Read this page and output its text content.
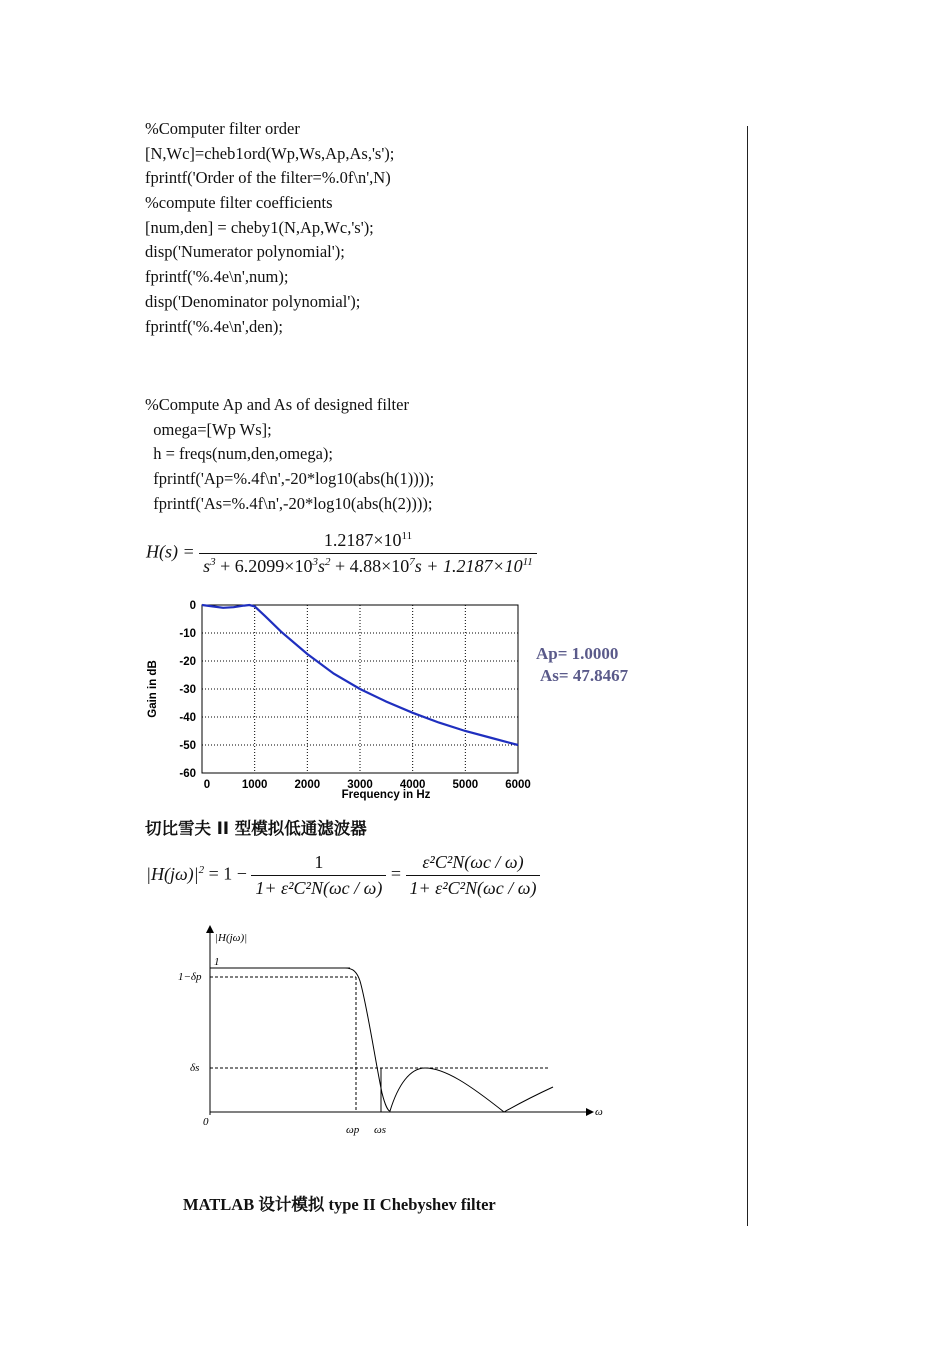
%Computer filter order
[N,Wc]=cheb1ord(Wp,Ws,Ap,As,'s');
fprintf('Order of the filter=%.0f\n',N)
%compute filter coefficients
[num,den] = cheby1(N,Ap,Wc,'s');
disp('Numerator polynomial');
fprintf('%.4e\n',num);
disp('Denominator polynomial');
fprintf('%.4e\n',den);
%Compute Ap and As of designed filter
omega=[Wp Ws];
h = freqs(num,den,omega);
fprintf('Ap=%.4f\n',-20*log10(abs(h(1))));
fprintf('As=%.4f\n',-20*log10(abs(h(2))));
$H(s) = \frac{1.2187\times 10^{11}}{s^3 + 6.2099\times 10^3s^2 + 4.88\times 10^7s + 1.2187\times 10^{11}}$
0
-10
-20
-30
-40
-50
-60
0	1000 2000 3000 4000 5000 6000
Frequency in Hz
Gain in dB
Ap= 1.0000
As= 47.8467
切比雪夫 II 型模拟低通滤波器
$|H(j\omega)|^2 = 1 - \frac{1}{\text{1+ ε²C²N(ωc / ω)}} = \frac{\text{ε²C²N(ωc / ω)}}{\text{1+ ε²C²N(ωc / ω)}}$
|H(jω)|
1
1−δp
δs
0
ωp ωs
ω
MATLAB 设计模拟 type II Chebyshev filter
